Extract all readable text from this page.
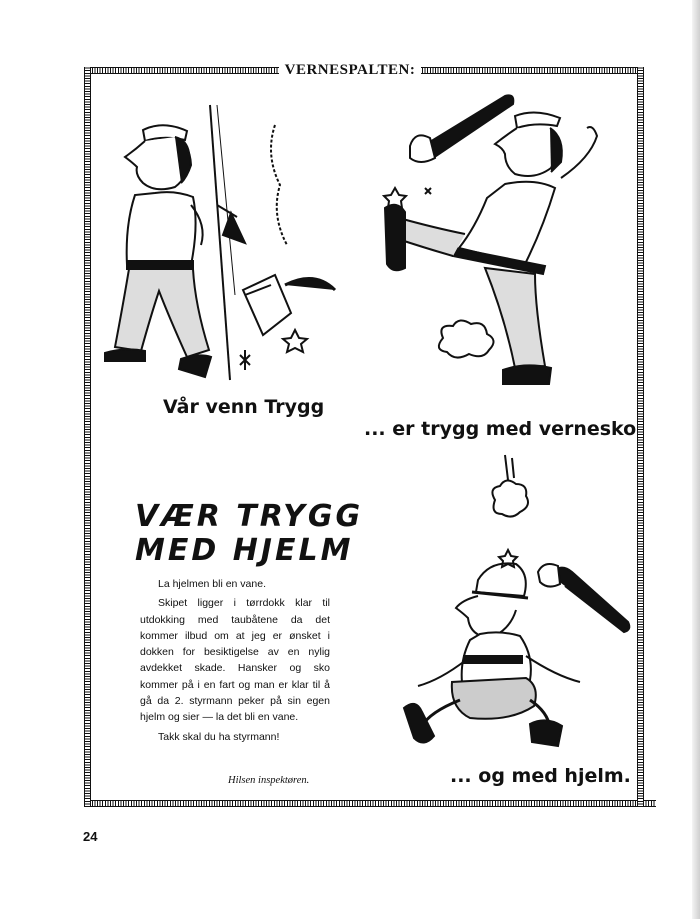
VERNESPALTEN:
Vår venn Trygg
... er trygg med vernesko
... og med hjelm.
VÆR TRYGG
MED HJELM

La hjelmen bli en vane.

Skipet ligger i tørrdokk klar til utdokking med taubåtene da det kommer ilbud om at jeg er ønsket i dokken for besiktigelse av en nylig avdekket skade. Hansker og sko kommer på i en fart og man er klar til å gå da 2. styrmann peker på sin egen hjelm og sier — la det bli en vane.

Takk skal du ha styrmann!

Hilsen inspektøren.
24
